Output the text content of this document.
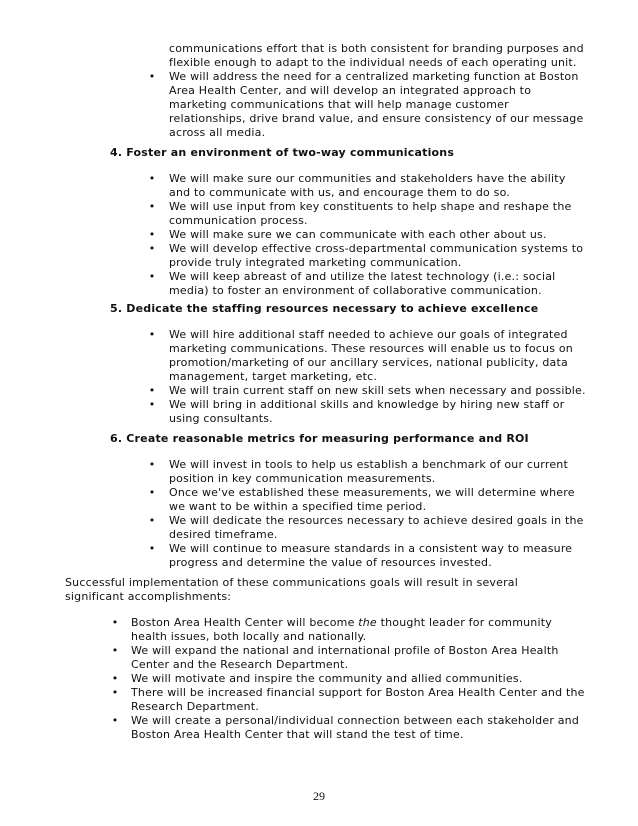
communications effort that is both consistent for branding purposes and
flexible enough to adapt to the individual needs of each operating unit.
• We will address the need for a centralized marketing function at Boston
Area Health Center, and will develop an integrated approach to
marketing communications that will help manage customer
relationships, drive brand value, and ensure consistency of our message
across all media.
4. Foster an environment of two-way communications
• We will make sure our communities and stakeholders have the ability
and to communicate with us, and encourage them to do so.
• We will use input from key constituents to help shape and reshape the
communication process.
• We will make sure we can communicate with each other about us.
• We will develop effective cross-departmental communication systems to
provide truly integrated marketing communication.
• We will keep abreast of and utilize the latest technology (i.e.: social
media) to foster an environment of collaborative communication.
5. Dedicate the staffing resources necessary to achieve excellence
• We will hire additional staff needed to achieve our goals of integrated
marketing communications. These resources will enable us to focus on
promotion/marketing of our ancillary services, national publicity, data
management, target marketing, etc.
• We will train current staff on new skill sets when necessary and possible.
• We will bring in additional skills and knowledge by hiring new staff or
using consultants.
6. Create reasonable metrics for measuring performance and ROI
• We will invest in tools to help us establish a benchmark of our current
position in key communication measurements.
• Once we've established these measurements, we will determine where
we want to be within a specified time period.
• We will dedicate the resources necessary to achieve desired goals in the
desired timeframe.
• We will continue to measure standards in a consistent way to measure
progress and determine the value of resources invested.
Successful implementation of these communications goals will result in several
significant accomplishments:
• Boston Area Health Center will become the thought leader for community
health issues, both locally and nationally.
• We will expand the national and international profile of Boston Area Health
Center and the Research Department.
• We will motivate and inspire the community and allied communities.
• There will be increased financial support for Boston Area Health Center and the
Research Department.
• We will create a personal/individual connection between each stakeholder and
Boston Area Health Center that will stand the test of time.
29
